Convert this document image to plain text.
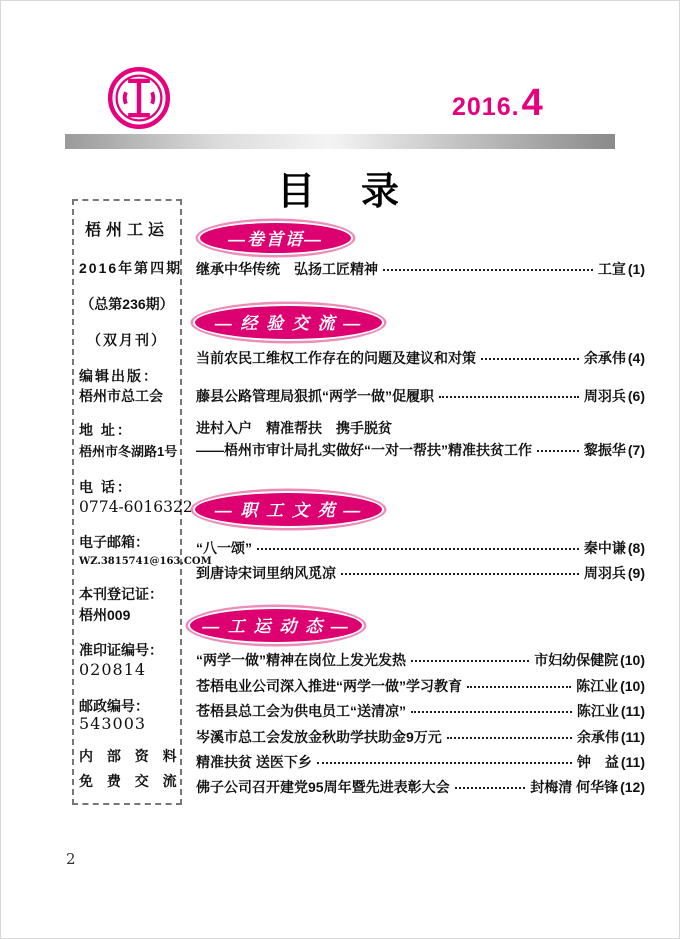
2016. 4
目　录
梧州工运
2016年第四期
（总第236期）
（双月刊）
编辑出版：
梧州市总工会
地 址：
梧州市冬湖路1号
电 话：
0774-6016322
电子邮箱：
WZ.3815741@163.COM
本刊登记证：
梧州009
准印证编号：
020814
邮政编号：
543003
内 部 资 料
免 费 交 流
—卷首语—
继承中华传统　弘扬工匠精神	工宣 (1)
— 经 验 交 流 —
当前农民工维权工作存在的问题及建议和对策	余承伟 (4)
藤县公路管理局狠抓“两学一做”促履职	周羽兵 (6)
进村入户　精准帮扶　携手脱贫
——梧州市审计局扎实做好“一对一帮扶”精准扶贫工作	黎振华 (7)
— 职 工 文 苑 —
“八一颂”	秦中谦 (8)
到唐诗宋词里纳风觅凉	周羽兵 (9)
— 工 运 动 态 —
“两学一做”精神在岗位上发光发热	市妇幼保健院 (10)
苍梧电业公司深入推进“两学一做”学习教育	陈江业 (10)
苍梧县总工会为供电员工“送清凉”	陈江业 (11)
岑溪市总工会发放金秋助学扶助金9万元	余承伟 (11)
精准扶贫 送医下乡	钟　益 (11)
佛子公司召开建党95周年暨先进表彰大会	封梅清 何华锋 (12)
2
